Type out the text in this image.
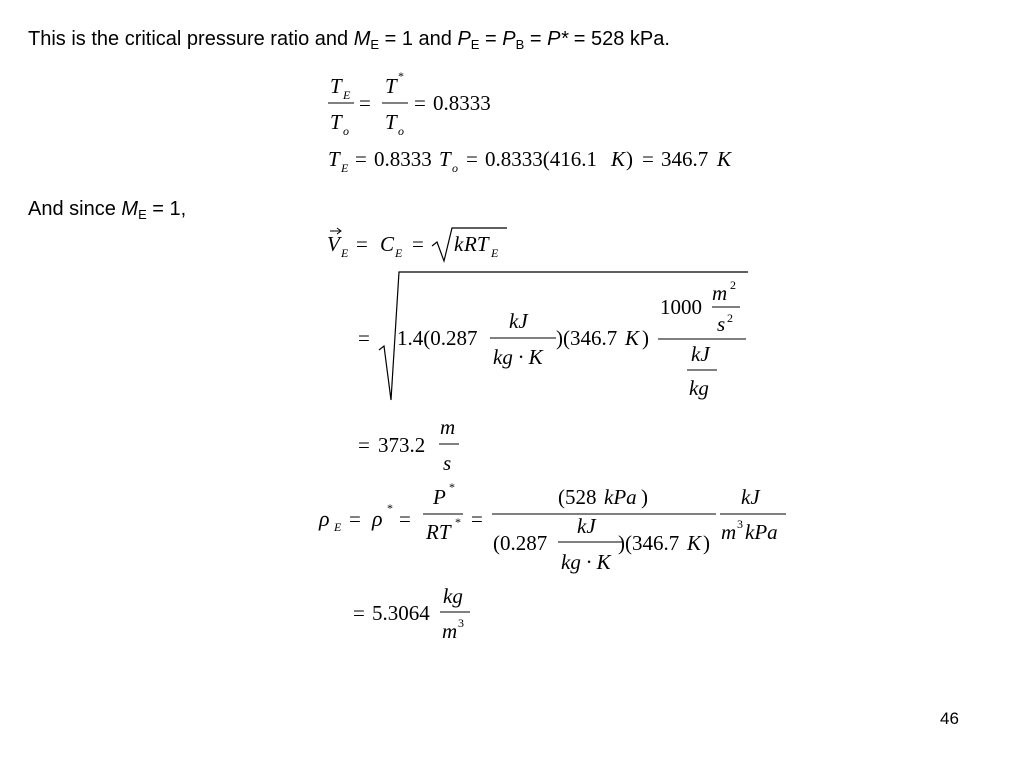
This is the critical pressure ratio and $M_E = 1$ and $P_E = P_B = P* = 528$ kPa.
And since $M_E = 1$,
T E
T o
=
T *
T o
= 0.8333
T E = 0.8333 T o = 0.8333(416.1 K ) = 346.7 K
V E = C E = k RT E
= 1.4(0.287
kJ
kg · K
)(346.7 K )
1000
m 2
s 2
kJ
kg
= 373.2
m
s
ρ E = ρ * =
P *
RT * =
(528 kPa )
(0.287
kJ
kg · K
)(346.7 K )
kJ
m 3 kPa
= 5.3064
kg
m 3
46
